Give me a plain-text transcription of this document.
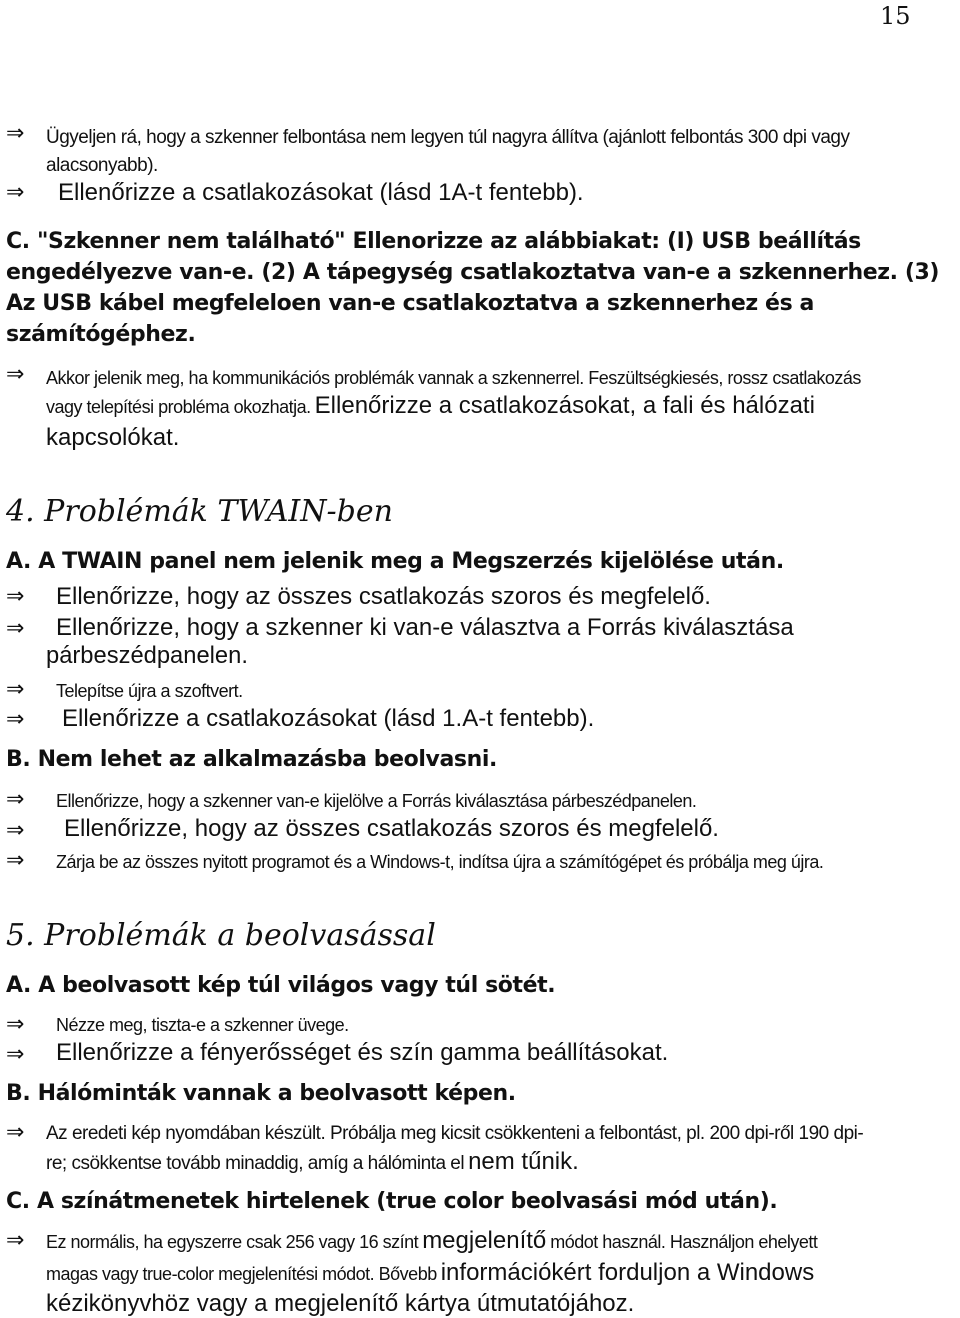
15
⇒	Ügyeljen rá, hogy a szkenner felbontása nem legyen túl nagyra állítva (ajánlott felbontás 300 dpi vagy
alacsonyabb).
⇒	Ellenőrizze a csatlakozásokat (lásd 1A-t fentebb).
C. "Szkenner nem található" Ellenorizze az alábbiakat: (I) USB beállítás
engedélyezve van-e. (2) A tápegység csatlakoztatva van-e a szkennerhez. (3)
Az USB kábel megfeleloen van-e csatlakoztatva a szkennerhez és a
számítógéphez.
⇒	Akkor jelenik meg, ha kommunikációs problémák vannak a szkennerrel. Feszültségkiesés, rossz csatlakozás
vagy telepítési probléma okozhatja. Ellenőrizze a csatlakozásokat, a fali és hálózati
kapcsolókat.
4. Problémák TWAIN-ben
A. A TWAIN panel nem jelenik meg a Megszerzés kijelölése után.
⇒	Ellenőrizze, hogy az összes csatlakozás szoros és megfelelő.
⇒	Ellenőrizze, hogy a szkenner ki van-e választva a Forrás kiválasztása
párbeszédpanelen.
⇒	Telepítse újra a szoftvert.
⇒	Ellenőrizze a csatlakozásokat (lásd 1.A-t fentebb).
B. Nem lehet az alkalmazásba beolvasni.
⇒	Ellenőrizze, hogy a szkenner van-e kijelölve a Forrás kiválasztása párbeszédpanelen.
⇒	Ellenőrizze, hogy az összes csatlakozás szoros és megfelelő.
⇒	Zárja be az összes nyitott programot és a Windows-t, indítsa újra a számítógépet és próbálja meg újra.
5. Problémák a beolvasással
A. A beolvasott kép túl világos vagy túl sötét.
⇒	Nézze meg, tiszta-e a szkenner üvege.
⇒	Ellenőrizze a fényerősséget és szín gamma beállításokat.
B. Hálóminták vannak a beolvasott képen.
⇒	Az eredeti kép nyomdában készült. Próbálja meg kicsit csökkenteni a felbontást, pl. 200 dpi-ről 190 dpi-
re; csökkentse tovább minaddig, amíg a hálóminta el nem tűnik.
C. A színátmenetek hirtelenek (true color beolvasási mód után).
⇒	Ez normális, ha egyszerre csak 256 vagy 16 színt megjelenítő módot használ. Használjon ehelyett
magas vagy true-color megjelenítési módot. Bővebb információkért forduljon a Windows
kézikönyvhöz vagy a megjelenítő kártya útmutatójához.
